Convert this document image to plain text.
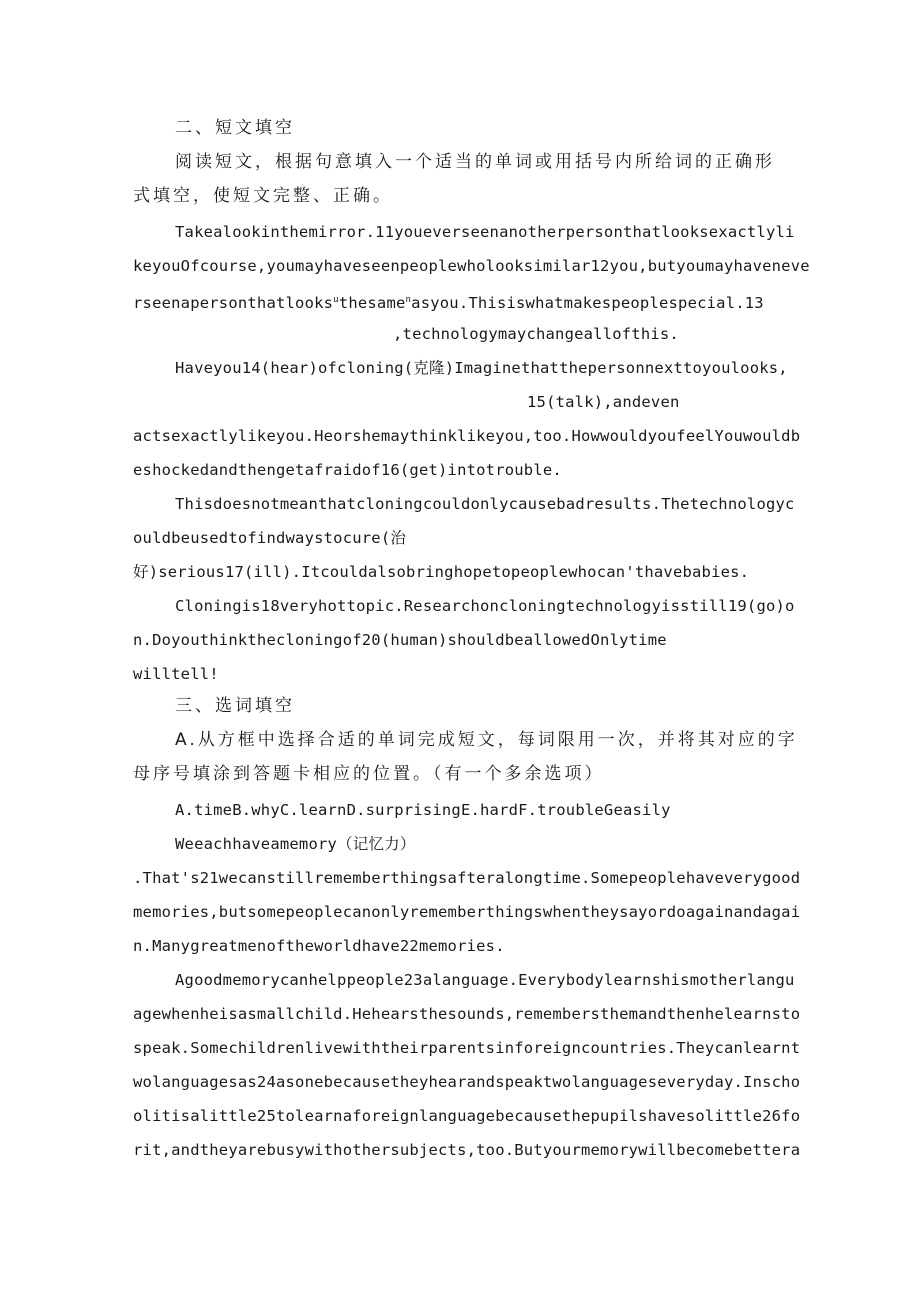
二、短文填空
阅读短文，根据句意填入一个适当的单词或用括号内所给词的正确形
式填空，使短文完整、正确。
Takealookinthemirror.11youeverseenanotherpersonthatlooksexactlyli
keyouOfcourse,youmayhaveseenpeoplewholooksimilar12you,butyoumayhaveneve
rseenapersonthatlooks$^u$thesame$^n$asyou.Thisiswhatmakespeoplespecial.13
,technologymaychangeallofthis.
Haveyou14(hear)ofcloning(克隆)Imaginethatthepersonnexttoyoulooks,
15(talk),andeven
actsexactlylikeyou.Heorshemaythinklikeyou,too.HowwouldyoufeelYouwouldb
eshockedandthengetafraidof16(get)intotrouble.
Thisdoesnotmeanthatcloningcouldonlycausebadresults.Thetechnologyc
ouldbeusedtofindwaystocure(治
好)serious17(ill).Itcouldalsobringhopetopeoplewhocan'thavebabies.
Cloningis18veryhottopic.Researchoncloningtechnologyisstill19(go)o
n.Doyouthinkthecloningof20(human)shouldbeallowedOnlytime
willtell!
三、选词填空
A.从方框中选择合适的单词完成短文，每词限用一次，并将其对应的字
母序号填涂到答题卡相应的位置。（有一个多余选项）
A.timeB.whyC.learnD.surprisingE.hardF.troubleGeasily
Weeachhaveamemory（记忆力）
.That's21wecanstillrememberthingsafteralongtime.Somepeoplehaveverygood
memories,butsomepeoplecanonlyrememberthingswhentheysayordoagainandagai
n.Manygreatmenoftheworldhave22memories.
Agoodmemorycanhelppeople23alanguage.Everybodylearnshismotherlangu
agewhenheisasmallchild.Hehearsthesounds,remembersthemandthenhelearnsto
speak.Somechildrenlivewiththeirparentsinforeigncountries.Theycanlearnt
wolanguagesas24asonebecausetheyhearandspeaktwolanguageseveryday.Inscho
olitisalittle25tolearnaforeignlanguagebecausethepupilshavesolittle26fo
rit,andtheyarebusywithothersubjects,too.Butyourmemorywillbecomebettera
